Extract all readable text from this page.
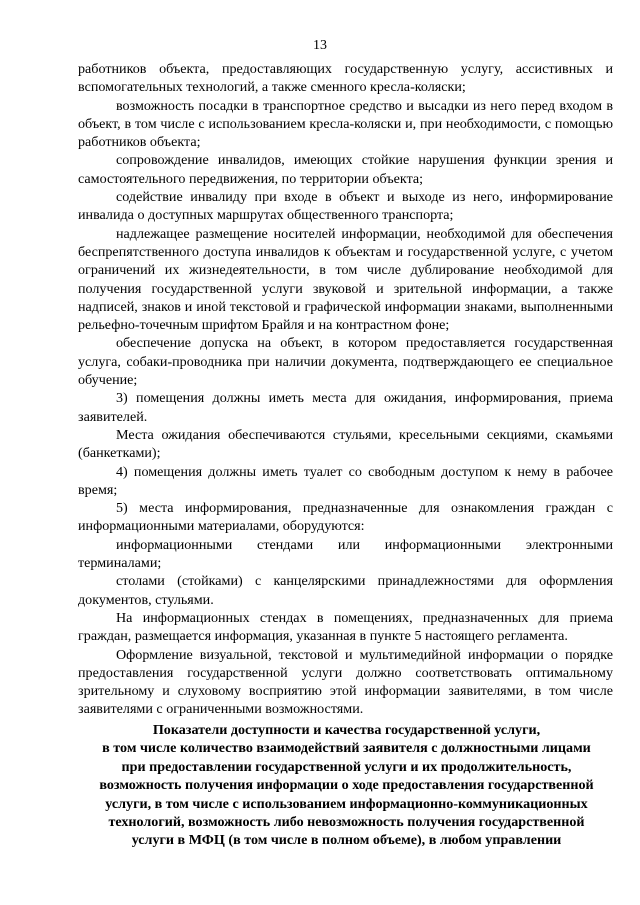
13

работников объекта, предоставляющих государственную услугу, ассистивных и вспомогательных технологий, а также сменного кресла-коляски;

возможность посадки в транспортное средство и высадки из него перед входом в объект, в том числе с использованием кресла-коляски и, при необходимости, с помощью работников объекта;

сопровождение инвалидов, имеющих стойкие нарушения функции зрения и самостоятельного передвижения, по территории объекта;

содействие инвалиду при входе в объект и выходе из него, информирование инвалида о доступных маршрутах общественного транспорта;

надлежащее размещение носителей информации, необходимой для обеспечения беспрепятственного доступа инвалидов к объектам и государственной услуге, с учетом ограничений их жизнедеятельности, в том числе дублирование необходимой для получения государственной услуги звуковой и зрительной информации, а также надписей, знаков и иной текстовой и графической информации знаками, выполненными рельефно-точечным шрифтом Брайля и на контрастном фоне;

обеспечение допуска на объект, в котором предоставляется государственная услуга, собаки-проводника при наличии документа, подтверждающего ее специальное обучение;

3) помещения должны иметь места для ожидания, информирования, приема заявителей.

Места ожидания обеспечиваются стульями, кресельными секциями, скамьями (банкетками);

4) помещения должны иметь туалет со свободным доступом к нему в рабочее время;

5) места информирования, предназначенные для ознакомления граждан с информационными материалами, оборудуются:

информационными стендами или информационными электронными терминалами;

столами (стойками) с канцелярскими принадлежностями для оформления документов, стульями.

На информационных стендах в помещениях, предназначенных для приема граждан, размещается информация, указанная в пункте 5 настоящего регламента.

Оформление визуальной, текстовой и мультимедийной информации о порядке предоставления государственной услуги должно соответствовать оптимальному зрительному и слуховому восприятию этой информации заявителями, в том числе заявителями с ограниченными возможностями.

Показатели доступности и качества государственной услуги,
в том числе количество взаимодействий заявителя с должностными лицами
при предоставлении государственной услуги и их продолжительность,
возможность получения информации о ходе предоставления государственной
услуги, в том числе с использованием информационно-коммуникационных
технологий, возможность либо невозможность получения государственной
услуги в МФЦ (в том числе в полном объеме), в любом управлении
